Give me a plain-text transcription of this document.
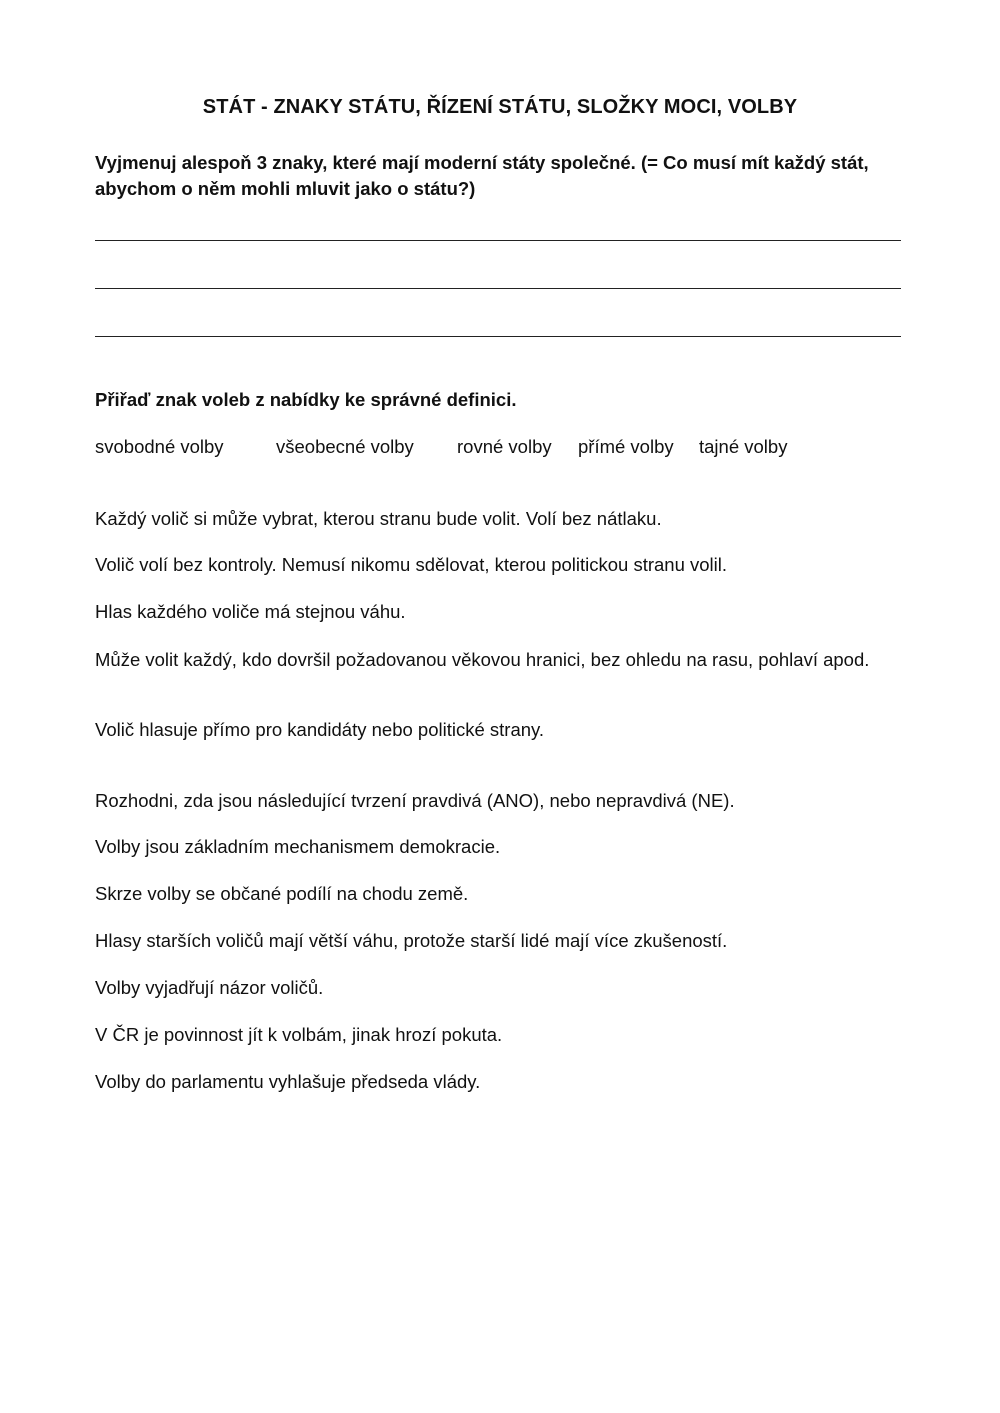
STÁT - ZNAKY STÁTU, ŘÍZENÍ STÁTU, SLOŽKY MOCI, VOLBY
Vyjmenuj alespoň 3 znaky, které mají moderní státy společné. (= Co musí mít každý stát, abychom o něm mohli mluvit jako o státu?)
Přiřaď znak voleb z nabídky ke správné definici.
svobodné volby	všeobecné volby rovné volby přímé volby tajné volby
Každý volič si může vybrat, kterou stranu bude volit. Volí bez nátlaku.
Volič volí bez kontroly. Nemusí nikomu sdělovat, kterou politickou stranu volil.
Hlas každého voliče má stejnou váhu.
Může volit každý, kdo dovršil požadovanou věkovou hranici, bez ohledu na rasu, pohlaví apod.
Volič hlasuje přímo pro kandidáty nebo politické strany.
Rozhodni, zda jsou následující tvrzení pravdivá (ANO), nebo nepravdivá (NE).
Volby jsou základním mechanismem demokracie.
Skrze volby se občané podílí na chodu země.
Hlasy starších voličů mají větší váhu, protože starší lidé mají více zkušeností.
Volby vyjadřují názor voličů.
V ČR je povinnost jít k volbám, jinak hrozí pokuta.
Volby do parlamentu vyhlašuje předseda vlády.
